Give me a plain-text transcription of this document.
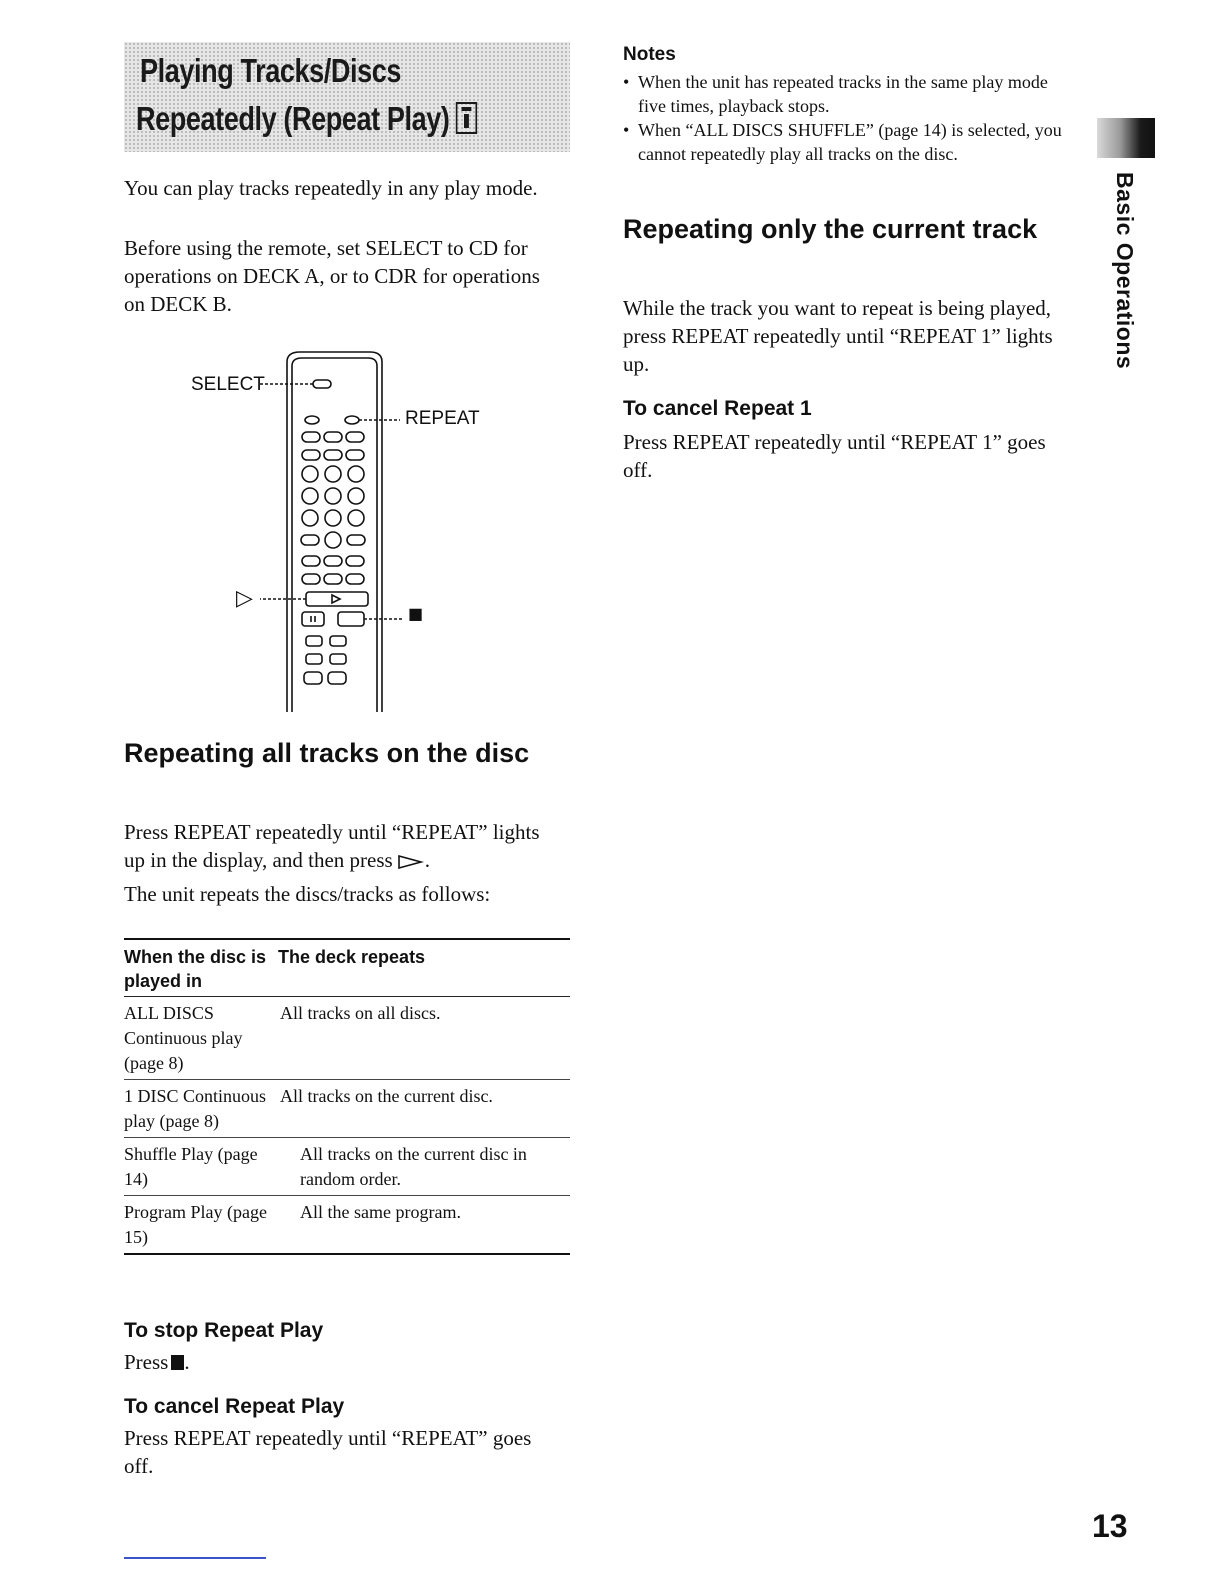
Playing Tracks/Discs
Repeatedly (Repeat Play)
You can play tracks repeatedly in any play mode.
Before using the remote, set SELECT to CD for operations on DECK A, or to CDR for operations on DECK B.
SELECT
REPEAT
■
▷
Repeating all tracks on the disc
Press REPEAT repeatedly until “REPEAT” lights up in the display, and then press .
The unit repeats the discs/tracks as follows:
When the disc is played in
The deck repeats
ALL DISCS Continuous play (page 8)
All tracks on all discs.
1 DISC Continuous play (page 8)
All tracks on the current disc.
Shuffle Play (page 14)
All tracks on the current disc in random order.
Program Play (page 15)
All the same program.
To stop Repeat Play
Press .
To cancel Repeat Play
Press REPEAT repeatedly until “REPEAT” goes off.
Notes
• When the unit has repeated tracks in the same play mode five times, playback stops.
• When “ALL DISCS SHUFFLE” (page 14) is selected, you cannot repeatedly play all tracks on the disc.
Repeating only the current track
While the track you want to repeat is being played, press REPEAT repeatedly until “REPEAT 1” lights up.
To cancel Repeat 1
Press REPEAT repeatedly until “REPEAT 1” goes off.
Basic Operations
13
